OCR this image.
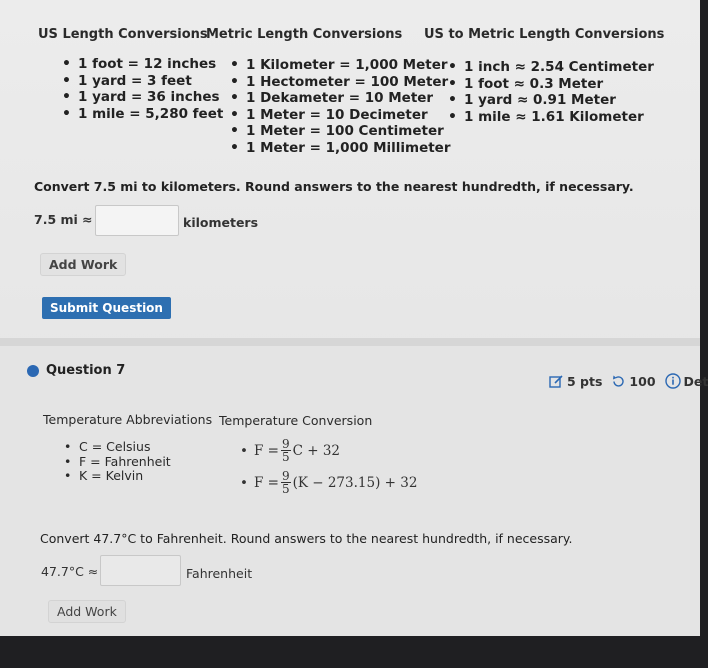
US Length Conversions
Metric Length Conversions US to Metric Length Conversions
• 1 foot = 12 inches
• 1 yard = 3 feet
• 1 yard = 36 inches
• 1 mile = 5,280 feet
• 1 Kilometer = 1,000 Meter
• 1 Hectometer = 100 Meter
• 1 Dekameter = 10 Meter
• 1 Meter = 10 Decimeter
• 1 Meter = 100 Centimeter
• 1 Meter = 1,000 Millimeter
• 1 inch ≈ 2.54 Centimeter
• 1 foot ≈ 0.3 Meter
• 1 yard ≈ 0.91 Meter
• 1 mile ≈ 1.61 Kilometer
Convert 7.5 mi to kilometers. Round answers to the nearest hundredth, if necessary.
7.5 mi ≈	kilometers
Add Work
Submit Question
Question 7
5 pts 100 Det
Temperature Abbreviations Temperature Conversion
• C = Celsius
• F = Fahrenheit
• K = Kelvin
• $F = \frac{9}{5}$ C + 32
• $F = \frac{9}{5} (K - 273.15) + 32$
Convert 47.7°C to Fahrenheit. Round answers to the nearest hundredth, if necessary.
47.7°C ≈	Fahrenheit
Add Work
